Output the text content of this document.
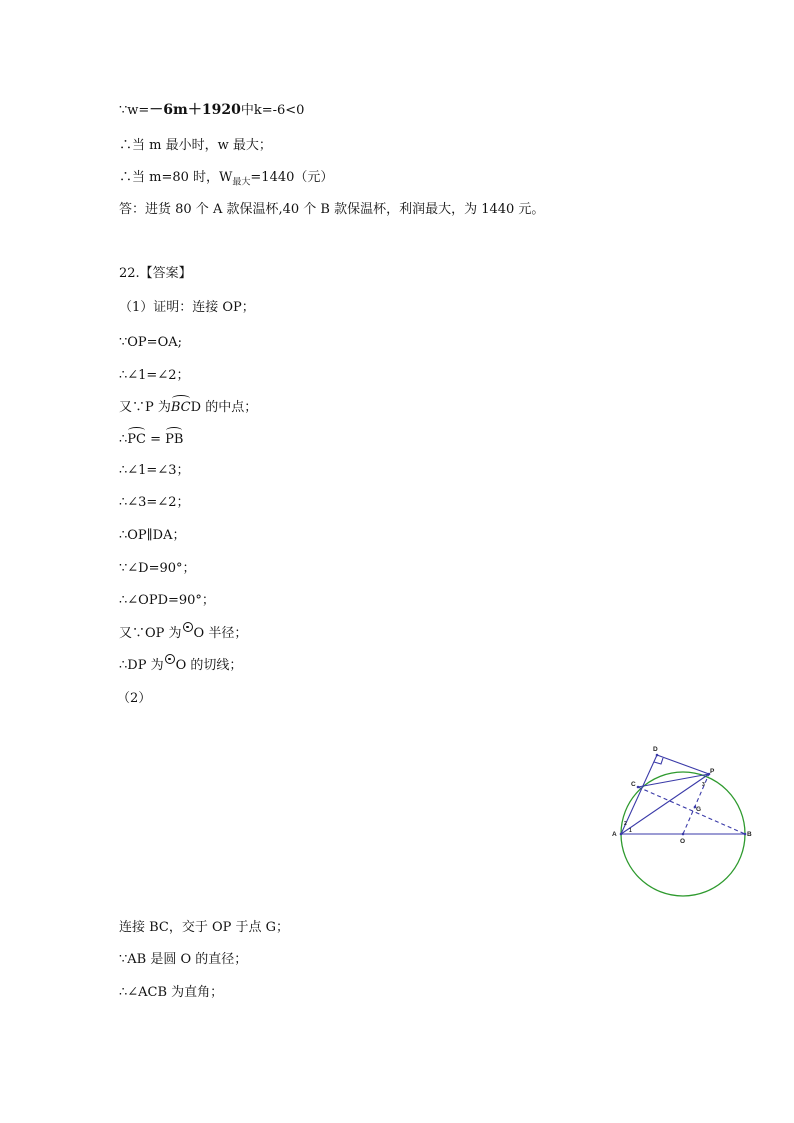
∵w=－6m＋1920中k=-6<0
∴当 m 最小时，w 最大；
∴当 m=80 时，$W_{最大}=1440$（元）
答：进货 80 个 A 款保温杯,40 个 B 款保温杯，利润最大，为 1440 元。
22.【答案】
（1）证明：连接 OP；
∵OP=OA;
∴∠1=∠2；
又∵P 为
BCD 的中点；
∴
PC =
PB
∴∠1=∠3；
∴∠3=∠2；
∴OP∥DA；
∵∠D=90°；
∴∠OPD=90°；
又∵OP 为 O 半径；
∴DP 为 O 的切线；
（2）
D
P
C
G
A	B
O
1
2
3
连接 BC，交于 OP 于点 G；
∵AB 是圆 O 的直径；
∴∠ACB 为直角；
